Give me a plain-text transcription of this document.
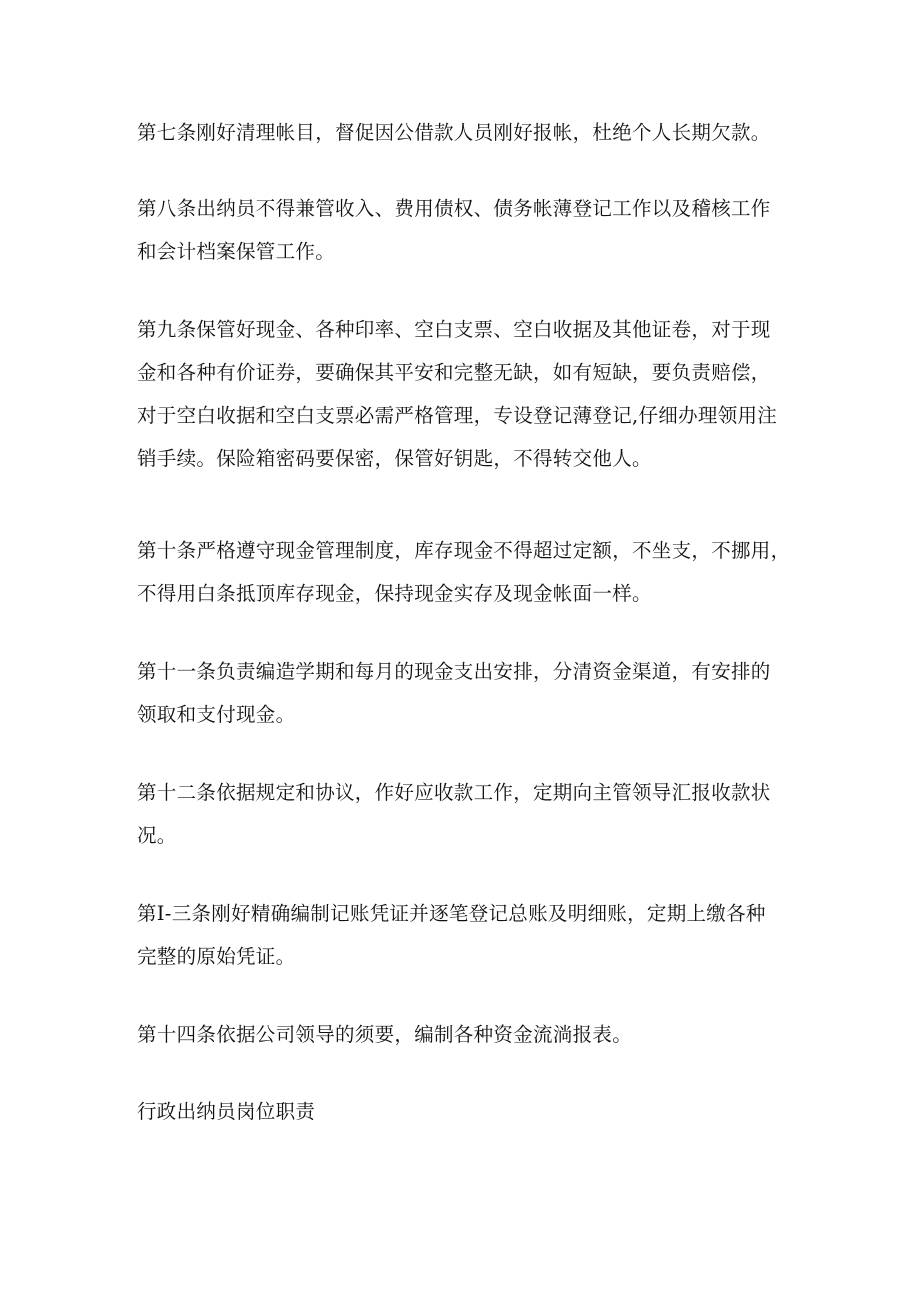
第七条刚好清理帐目，督促因公借款人员刚好报帐，杜绝个人长期欠款。

第八条出纳员不得兼管收入、费用债权、债务帐薄登记工作以及稽核工作
和会计档案保管工作。

第九条保管好现金、各种印率、空白支票、空白收据及其他证卷，对于现
金和各种有价证券，要确保其平安和完整无缺，如有短缺，要负责赔偿，
对于空白收据和空白支票必需严格管理，专设登记薄登记,仔细办理领用注
销手续。保险箱密码要保密，保管好钥匙，不得转交他人。

第十条严格遵守现金管理制度，库存现金不得超过定额，不坐支，不挪用，
不得用白条抵顶库存现金，保持现金实存及现金帐面一样。

第十一条负责编造学期和每月的现金支出安排，分清资金渠道，有安排的
领取和支付现金。

第十二条依据规定和协议，作好应收款工作，定期向主管领导汇报收款状
况。

第I-三条刚好精确编制记账凭证并逐笔登记总账及明细账，定期上缴各种
完整的原始凭证。

第十四条依据公司领导的须要，编制各种资金流淌报表。

行政出纳员岗位职责
